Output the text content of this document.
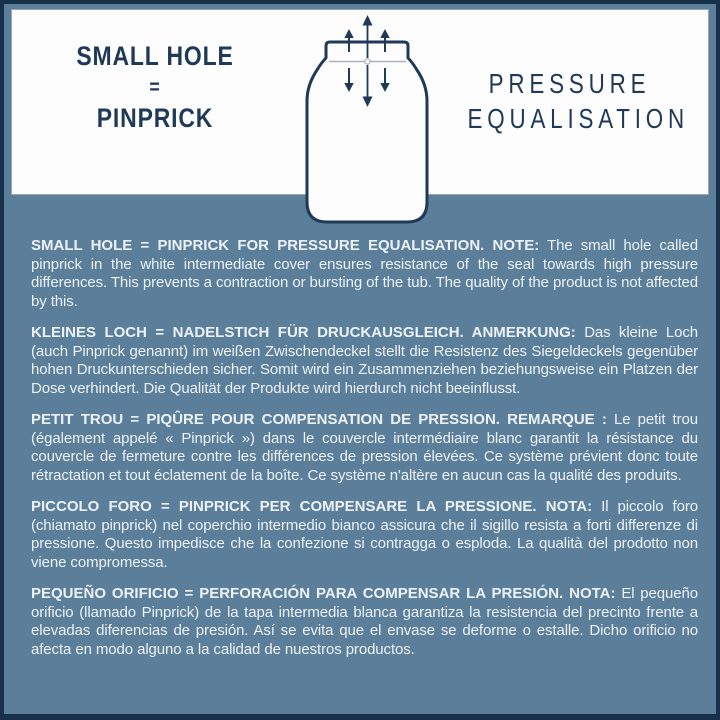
SMALL HOLE
=
PINPRICK
PRESSURE
EQUALISATION

SMALL HOLE = PINPRICK FOR PRESSURE EQUALISATION. NOTE: The small hole called pinprick in the white intermediate cover ensures resistance of the seal towards high pressure differences. This prevents a contraction or bursting of the tub. The quality of the product is not affected by this.

KLEINES LOCH = NADELSTICH FÜR DRUCKAUSGLEICH. ANMERKUNG: Das kleine Loch (auch Pinprick genannt) im weißen Zwischendeckel stellt die Resistenz des Siegeldeckels gegenüber hohen Druckunterschieden sicher. Somit wird ein Zusammenziehen beziehungsweise ein Platzen der Dose verhindert. Die Qualität der Produkte wird hierdurch nicht beeinflusst.

PETIT TROU = PIQÛRE POUR COMPENSATION DE PRESSION. REMARQUE : Le petit trou (également appelé « Pinprick ») dans le couvercle intermédiaire blanc garantit la résistance du couvercle de fermeture contre les différences de pression élevées. Ce système prévient donc toute rétractation et tout éclatement de la boîte. Ce système n'altère en aucun cas la qualité des produits.

PICCOLO FORO = PINPRICK PER COMPENSARE LA PRESSIONE. NOTA: Il piccolo foro (chiamato pinprick) nel coperchio intermedio bianco assicura che il sigillo resista a forti differenze di pressione. Questo impedisce che la confezione si contragga o esploda. La qualità del prodotto non viene compromessa.

PEQUEÑO ORIFICIO = PERFORACIÓN PARA COMPENSAR LA PRESIÓN. NOTA: El pequeño orificio (llamado Pinprick) de la tapa intermedia blanca garantiza la resistencia del precinto frente a elevadas diferencias de presión. Así se evita que el envase se deforme o estalle. Dicho orificio no afecta en modo alguno a la calidad de nuestros productos.
